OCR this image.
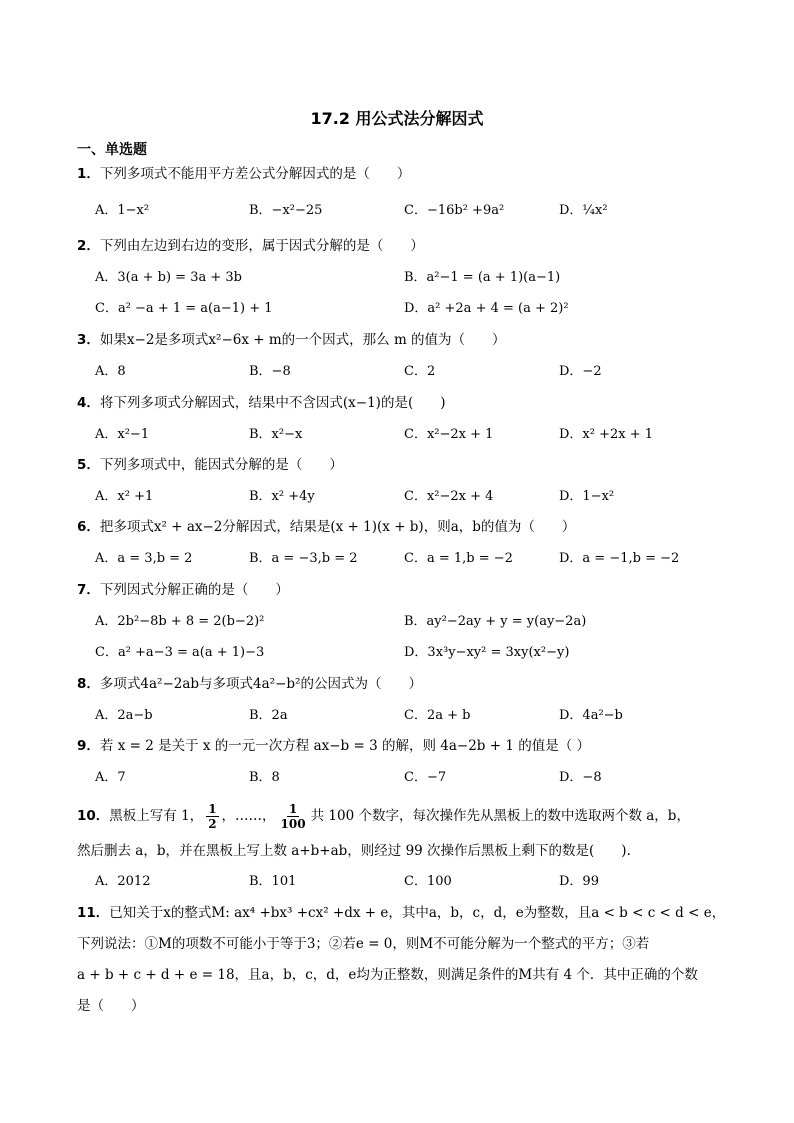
17.2 用公式法分解因式
一、单选题
1．下列多项式不能用平方差公式分解因式的是（　　）
A．1−x²	B．−x²−25	C．−16b² +9a²	D．¼x²
2．下列由左边到右边的变形，属于因式分解的是（　　）
A．3(a + b) = 3a + 3b	B．a²−1 = (a + 1)(a−1)
C．a² −a + 1 = a(a−1) + 1	D．a² +2a + 4 = (a + 2)²
3．如果x−2是多项式x²−6x + m的一个因式，那么 m 的值为（　　）
A．8	B．−8	C．2	D．−2
4．将下列多项式分解因式，结果中不含因式(x−1)的是(　　)
A．x²−1	B．x²−x	C．x²−2x + 1	D．x² +2x + 1
5．下列多项式中，能因式分解的是（　　）
A．x² +1	B．x² +4y	C．x²−2x + 4	D．1−x²
6．把多项式x² + ax−2分解因式，结果是(x + 1)(x + b)，则a，b的值为（　　）
A．a = 3,b = 2	B．a = −3,b = 2	C．a = 1,b = −2	D．a = −1,b = −2
7．下列因式分解正确的是（　　）
A．2b²−8b + 8 = 2(b−2)²	B．ay²−2ay + y = y(ay−2a)
C．a² +a−3 = a(a + 1)−3	D．3x³y−xy² = 3xy(x²−y)
8．多项式4a²−2ab与多项式4a²−b²的公因式为（　　）
A．2a−b	B．2a	C．2a + b	D．4a²−b
9．若 x = 2 是关于 x 的一元一次方程 ax−b = 3 的解，则 4a−2b + 1 的值是（ ）
A．7	B．8	C．−7	D．−8
10．黑板上写有 1， $\frac{1}{2}$ ，……， $\frac{1}{100}$ 共 100 个数字，每次操作先从黑板上的数中选取两个数 a，b，
然后删去 a，b，并在黑板上写上数 a+b+ab，则经过 99 次操作后黑板上剩下的数是(　　).
A．2012	B．101	C．100	D．99
11．已知关于x的整式M: ax⁴ +bx³ +cx² +dx + e，其中a，b，c，d，e为整数，且a < b < c < d < e，
下列说法：①M的项数不可能小于等于3；②若e = 0，则M不可能分解为一个整式的平方；③若
a + b + c + d + e = 18，且a，b，c，d，e均为正整数，则满足条件的M共有 4 个．其中正确的个数
是（　　）
